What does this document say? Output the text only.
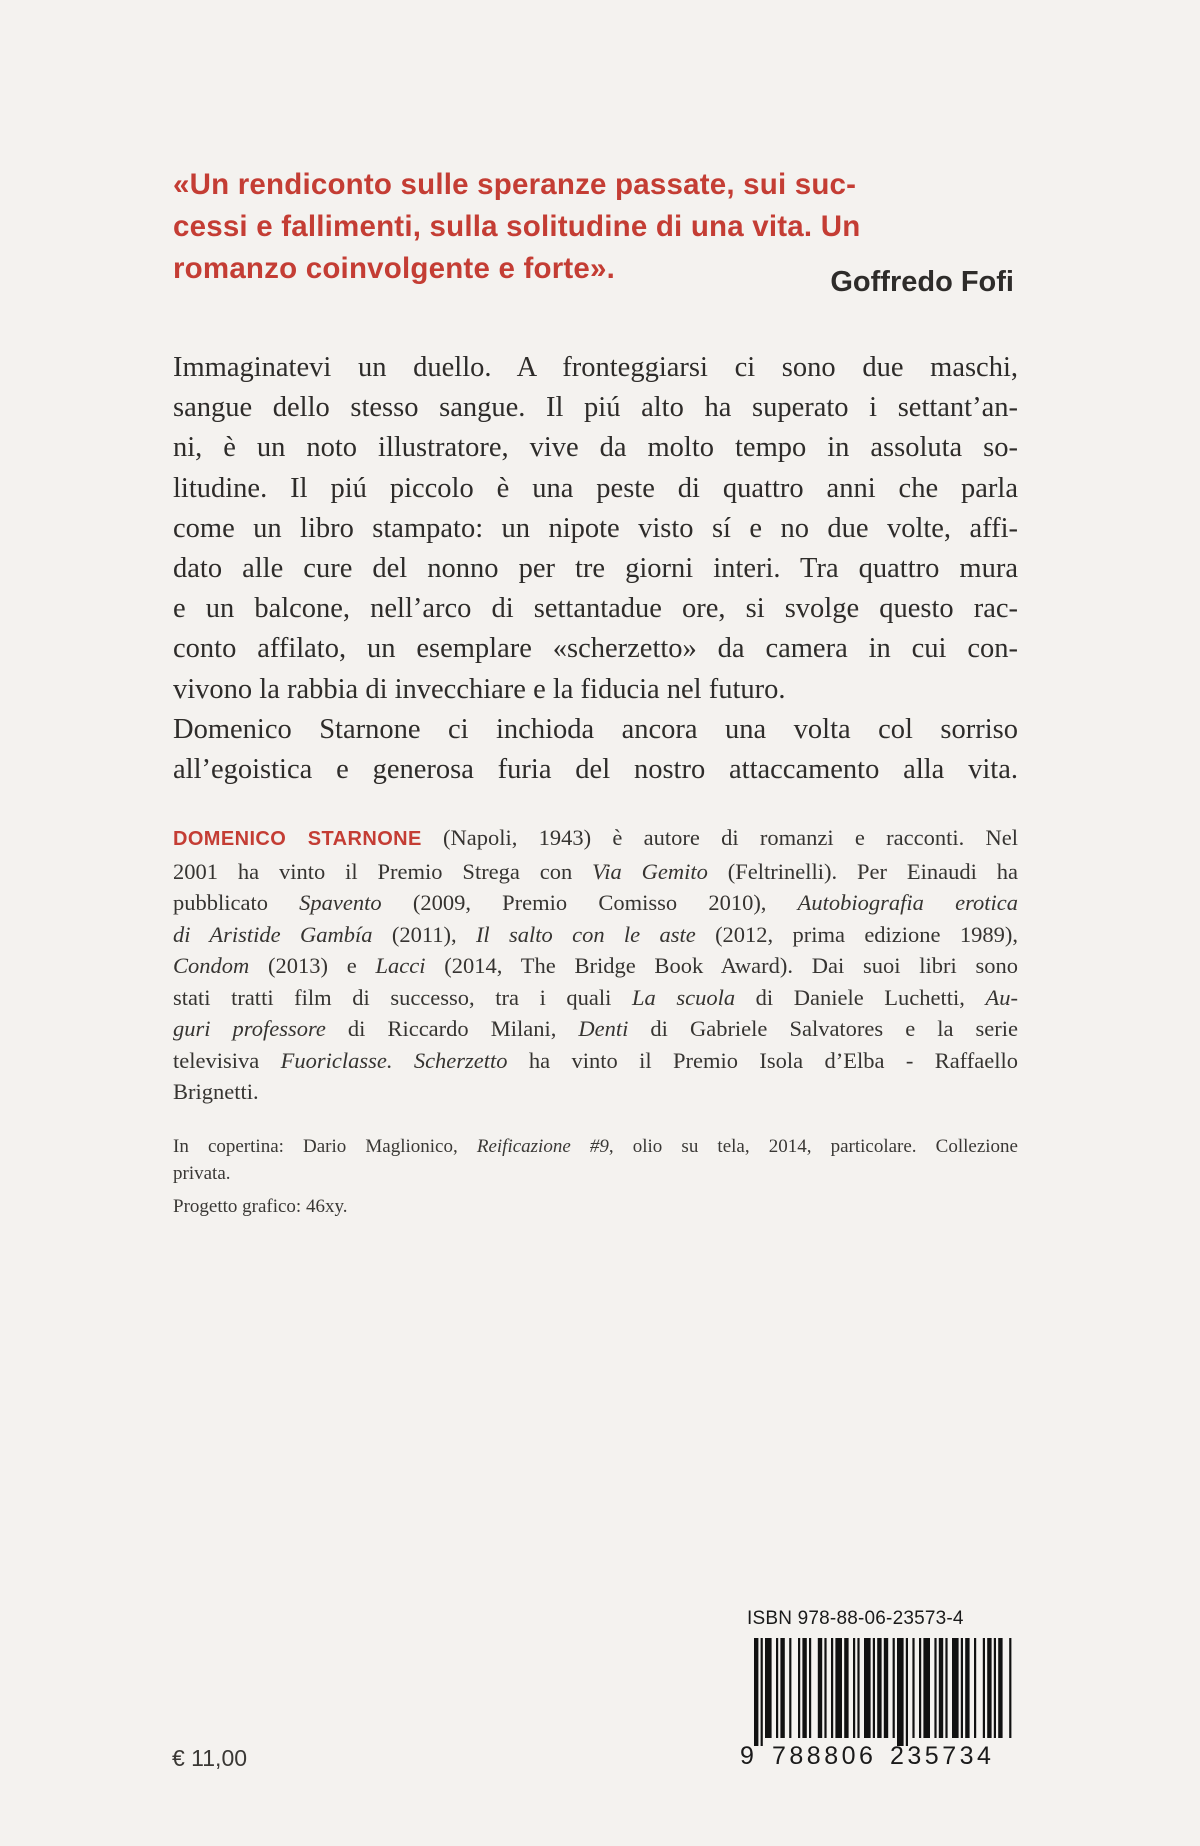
«Un rendiconto sulle speranze passate, sui suc-
cessi e fallimenti, sulla solitudine di una vita. Un
romanzo coinvolgente e forte».	Goffredo Fofi
Immaginatevi un duello. A fronteggiarsi ci sono due maschi,
sangue dello stesso sangue. Il piú alto ha superato i settant’an-
ni, è un noto illustratore, vive da molto tempo in assoluta so-
litudine. Il piú piccolo è una peste di quattro anni che parla
come un libro stampato: un nipote visto sí e no due volte, affi-
dato alle cure del nonno per tre giorni interi. Tra quattro mura
e un balcone, nell’arco di settantadue ore, si svolge questo rac-
conto affilato, un esemplare «scherzetto» da camera in cui con-
vivono la rabbia di invecchiare e la fiducia nel futuro.
Domenico Starnone ci inchioda ancora una volta col sorriso
all’egoistica e generosa furia del nostro attaccamento alla vita.
DOMENICO STARNONE (Napoli, 1943) è autore di romanzi e racconti. Nel
2001 ha vinto il Premio Strega con Via Gemito (Feltrinelli). Per Einaudi ha
pubblicato Spavento (2009, Premio Comisso 2010), Autobiografia erotica
di Aristide Gambía (2011), Il salto con le aste (2012, prima edizione 1989),
Condom (2013) e Lacci (2014, The Bridge Book Award). Dai suoi libri sono
stati tratti film di successo, tra i quali La scuola di Daniele Luchetti, Au-
guri professore di Riccardo Milani, Denti di Gabriele Salvatores e la serie
televisiva Fuoriclasse. Scherzetto ha vinto il Premio Isola d’Elba - Raffaello
Brignetti.

In copertina: Dario Maglionico, Reificazione #9, olio su tela, 2014, particolare. Collezione
privata.

Progetto grafico: 46xy.

€ 11,00
ISBN 978-88-06-23573-4
9 788806 235734
